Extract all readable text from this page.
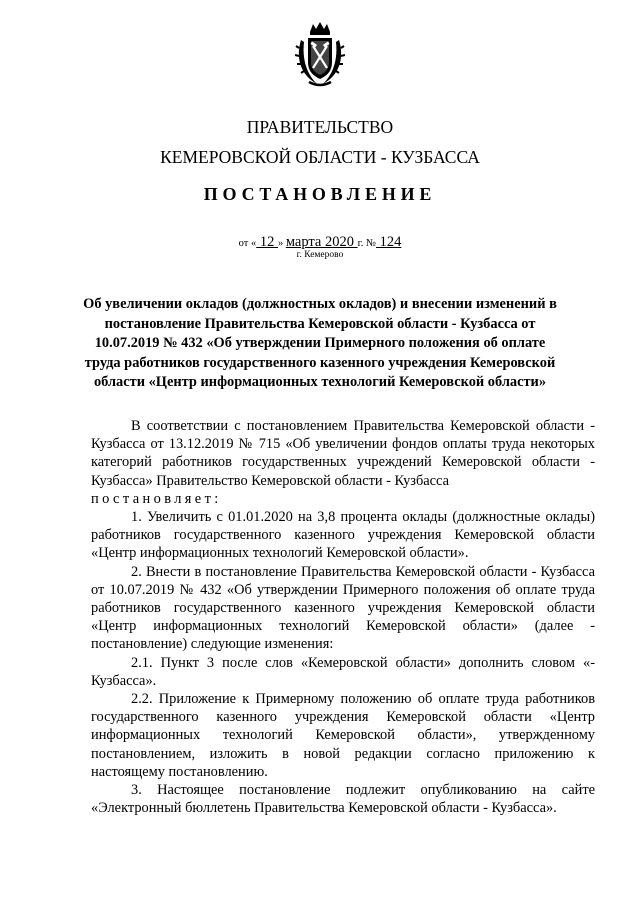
ПРАВИТЕЛЬСТВО
КЕМЕРОВСКОЙ ОБЛАСТИ - КУЗБАССА
ПОСТАНОВЛЕНИЕ
от « 12 » марта 2020 г. № 124
г. Кемерово
Об увеличении окладов (должностных окладов) и внесении изменений в постановление Правительства Кемеровской области - Кузбасса от 10.07.2019 № 432 «Об утверждении Примерного положения об оплате труда работников государственного казенного учреждения Кемеровской области «Центр информационных технологий Кемеровской области»

В соответствии с постановлением Правительства Кемеровской области - Кузбасса от 13.12.2019 № 715 «Об увеличении фондов оплаты труда некоторых категорий работников государственных учреждений Кемеровской области - Кузбасса» Правительство Кемеровской области - Кузбасса

постановляет:

1. Увеличить с 01.01.2020 на 3,8 процента оклады (должностные оклады) работников государственного казенного учреждения Кемеровской области «Центр информационных технологий Кемеровской области».

2. Внести в постановление Правительства Кемеровской области - Кузбасса от 10.07.2019 № 432 «Об утверждении Примерного положения об оплате труда работников государственного казенного учреждения Кемеровской области «Центр информационных технологий Кемеровской области» (далее - постановление) следующие изменения:

2.1. Пункт 3 после слов «Кемеровской области» дополнить словом «- Кузбасса».

2.2. Приложение к Примерному положению об оплате труда работников государственного казенного учреждения Кемеровской области «Центр информационных технологий Кемеровской области», утвержденному постановлением, изложить в новой редакции согласно приложению к настоящему постановлению.

3. Настоящее постановление подлежит опубликованию на сайте «Электронный бюллетень Правительства Кемеровской области - Кузбасса».
